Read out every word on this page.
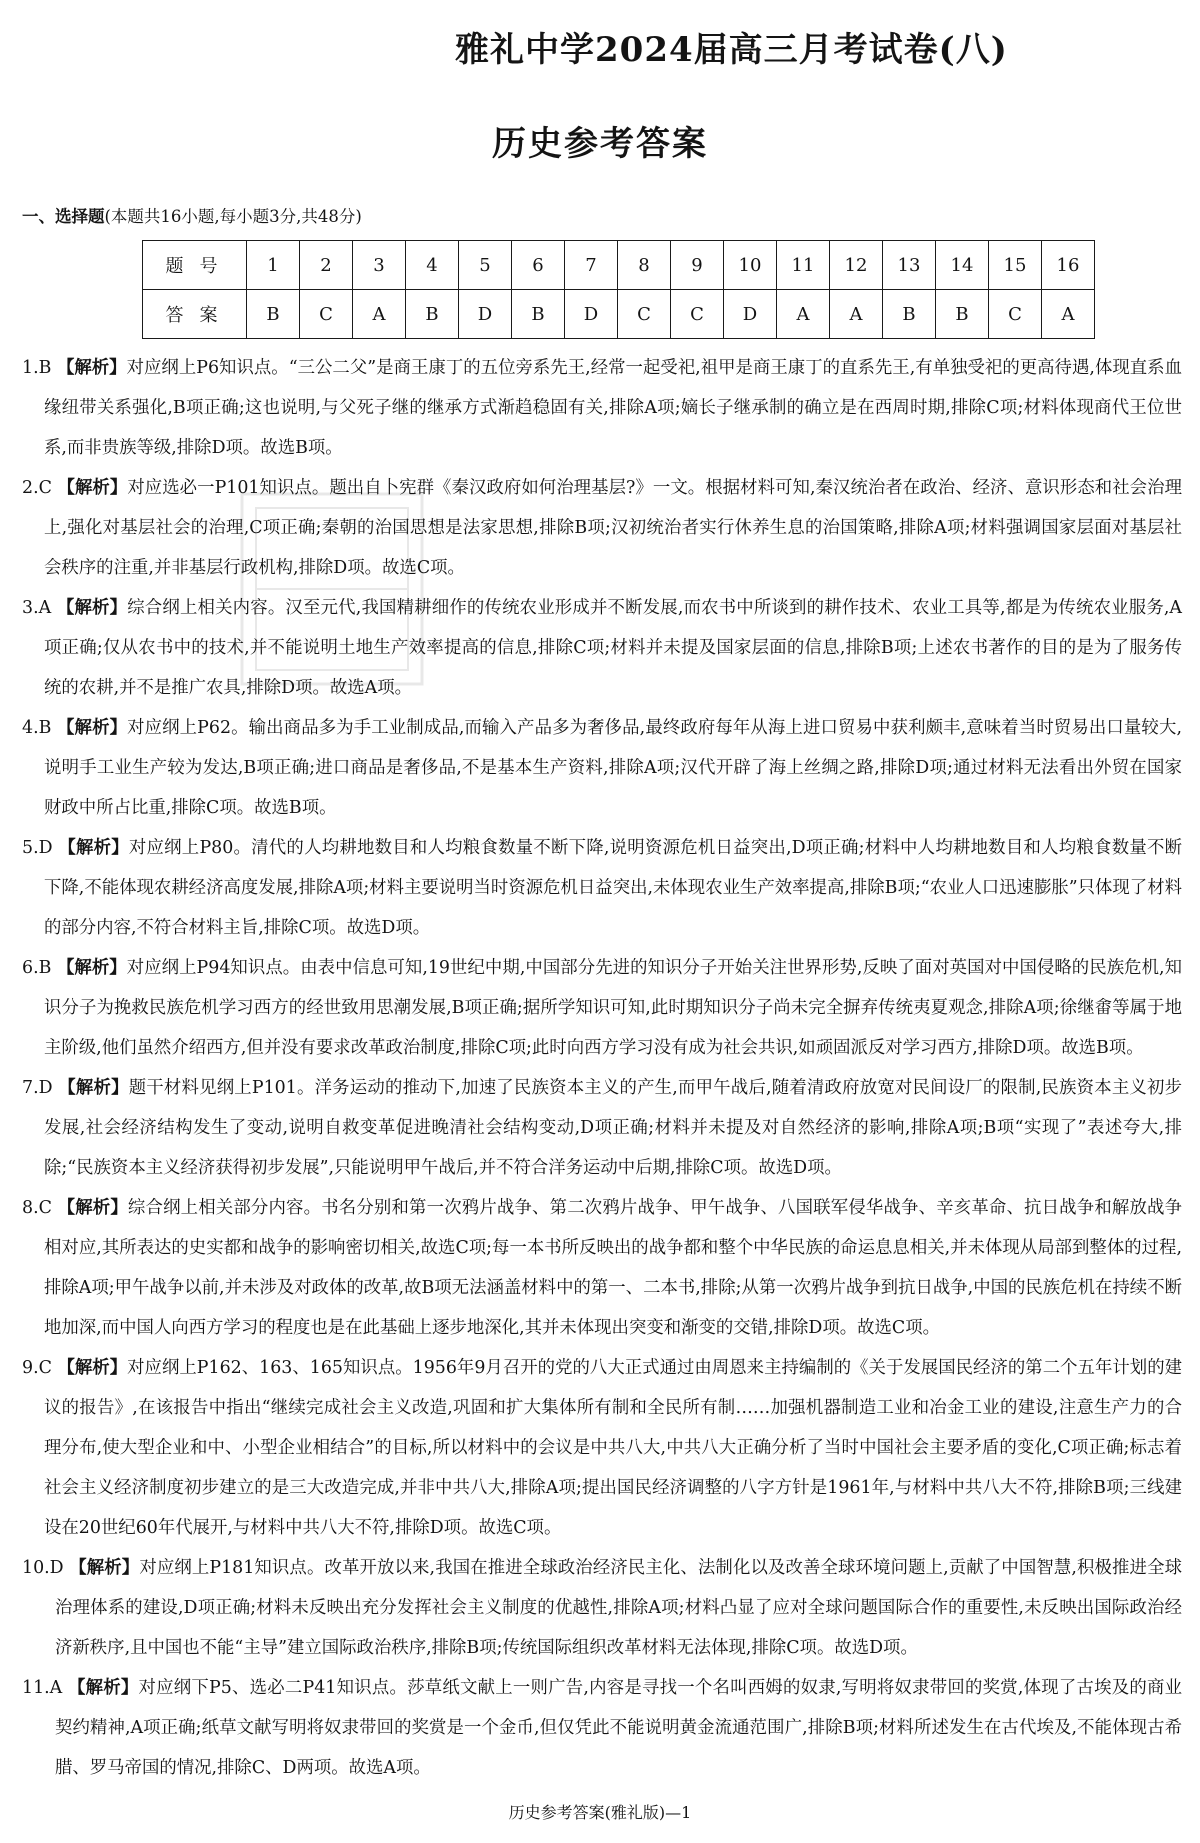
雅礼中学2024届高三月考试卷(八)
历史参考答案
一、选择题(本题共16小题,每小题3分,共48分)
题号	1	2	3	4	5	6	7	8	9	10	11	12	13	14	15	16
答案	B	C	A	B	D	B	D	C	C	D	A	A	B	B	C	A

1.B 【解析】对应纲上P6知识点。“三公二父”是商王康丁的五位旁系先王,经常一起受祀,祖甲是商王康丁的直系先王,有单独受祀的更高待遇,体现直系血缘纽带关系强化,B项正确;这也说明,与父死子继的继承方式渐趋稳固有关,排除A项;嫡长子继承制的确立是在西周时期,排除C项;材料体现商代王位世系,而非贵族等级,排除D项。故选B项。

2.C 【解析】对应选必一P101知识点。题出自卜宪群《秦汉政府如何治理基层?》一文。根据材料可知,秦汉统治者在政治、经济、意识形态和社会治理上,强化对基层社会的治理,C项正确;秦朝的治国思想是法家思想,排除B项;汉初统治者实行休养生息的治国策略,排除A项;材料强调国家层面对基层社会秩序的注重,并非基层行政机构,排除D项。故选C项。

3.A 【解析】综合纲上相关内容。汉至元代,我国精耕细作的传统农业形成并不断发展,而农书中所谈到的耕作技术、农业工具等,都是为传统农业服务,A项正确;仅从农书中的技术,并不能说明土地生产效率提高的信息,排除C项;材料并未提及国家层面的信息,排除B项;上述农书著作的目的是为了服务传统的农耕,并不是推广农具,排除D项。故选A项。

4.B 【解析】对应纲上P62。输出商品多为手工业制成品,而输入产品多为奢侈品,最终政府每年从海上进口贸易中获利颇丰,意味着当时贸易出口量较大,说明手工业生产较为发达,B项正确;进口商品是奢侈品,不是基本生产资料,排除A项;汉代开辟了海上丝绸之路,排除D项;通过材料无法看出外贸在国家财政中所占比重,排除C项。故选B项。

5.D 【解析】对应纲上P80。清代的人均耕地数目和人均粮食数量不断下降,说明资源危机日益突出,D项正确;材料中人均耕地数目和人均粮食数量不断下降,不能体现农耕经济高度发展,排除A项;材料主要说明当时资源危机日益突出,未体现农业生产效率提高,排除B项;“农业人口迅速膨胀”只体现了材料的部分内容,不符合材料主旨,排除C项。故选D项。

6.B 【解析】对应纲上P94知识点。由表中信息可知,19世纪中期,中国部分先进的知识分子开始关注世界形势,反映了面对英国对中国侵略的民族危机,知识分子为挽救民族危机学习西方的经世致用思潮发展,B项正确;据所学知识可知,此时期知识分子尚未完全摒弃传统夷夏观念,排除A项;徐继畬等属于地主阶级,他们虽然介绍西方,但并没有要求改革政治制度,排除C项;此时向西方学习没有成为社会共识,如顽固派反对学习西方,排除D项。故选B项。

7.D 【解析】题干材料见纲上P101。洋务运动的推动下,加速了民族资本主义的产生,而甲午战后,随着清政府放宽对民间设厂的限制,民族资本主义初步发展,社会经济结构发生了变动,说明自救变革促进晚清社会结构变动,D项正确;材料并未提及对自然经济的影响,排除A项;B项“实现了”表述夸大,排除;“民族资本主义经济获得初步发展”,只能说明甲午战后,并不符合洋务运动中后期,排除C项。故选D项。

8.C 【解析】综合纲上相关部分内容。书名分别和第一次鸦片战争、第二次鸦片战争、甲午战争、八国联军侵华战争、辛亥革命、抗日战争和解放战争相对应,其所表达的史实都和战争的影响密切相关,故选C项;每一本书所反映出的战争都和整个中华民族的命运息息相关,并未体现从局部到整体的过程,排除A项;甲午战争以前,并未涉及对政体的改革,故B项无法涵盖材料中的第一、二本书,排除;从第一次鸦片战争到抗日战争,中国的民族危机在持续不断地加深,而中国人向西方学习的程度也是在此基础上逐步地深化,其并未体现出突变和渐变的交错,排除D项。故选C项。

9.C 【解析】对应纲上P162、163、165知识点。1956年9月召开的党的八大正式通过由周恩来主持编制的《关于发展国民经济的第二个五年计划的建议的报告》,在该报告中指出“继续完成社会主义改造,巩固和扩大集体所有制和全民所有制……加强机器制造工业和冶金工业的建设,注意生产力的合理分布,使大型企业和中、小型企业相结合”的目标,所以材料中的会议是中共八大,中共八大正确分析了当时中国社会主要矛盾的变化,C项正确;标志着社会主义经济制度初步建立的是三大改造完成,并非中共八大,排除A项;提出国民经济调整的八字方针是1961年,与材料中共八大不符,排除B项;三线建设在20世纪60年代展开,与材料中共八大不符,排除D项。故选C项。

10.D 【解析】对应纲上P181知识点。改革开放以来,我国在推进全球政治经济民主化、法制化以及改善全球环境问题上,贡献了中国智慧,积极推进全球治理体系的建设,D项正确;材料未反映出充分发挥社会主义制度的优越性,排除A项;材料凸显了应对全球问题国际合作的重要性,未反映出国际政治经济新秩序,且中国也不能“主导”建立国际政治秩序,排除B项;传统国际组织改革材料无法体现,排除C项。故选D项。

11.A 【解析】对应纲下P5、选必二P41知识点。莎草纸文献上一则广告,内容是寻找一个名叫西姆的奴隶,写明将奴隶带回的奖赏,体现了古埃及的商业契约精神,A项正确;纸草文献写明将奴隶带回的奖赏是一个金币,但仅凭此不能说明黄金流通范围广,排除B项;材料所述发生在古代埃及,不能体现古希腊、罗马帝国的情况,排除C、D两项。故选A项。

历史参考答案(雅礼版)—1
